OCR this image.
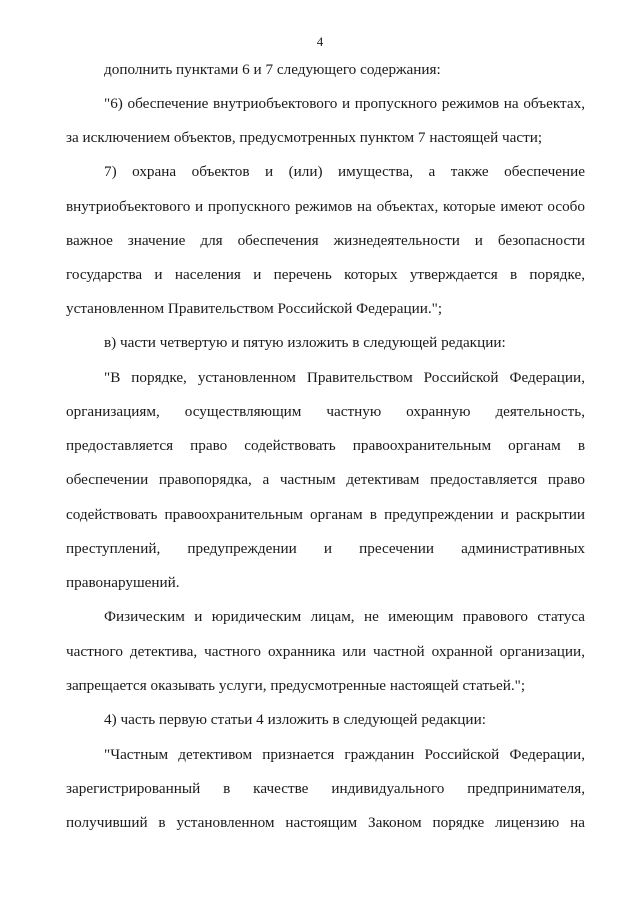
4
дополнить пунктами 6 и 7 следующего содержания:
"6) обеспечение внутриобъектового и пропускного режимов на объектах,
за исключением объектов, предусмотренных пунктом 7 настоящей части;
7) охрана объектов и (или) имущества, а также обеспечение
внутриобъектового и пропускного режимов на объектах, которые имеют особо
важное значение для обеспечения жизнедеятельности и безопасности
государства и населения и перечень которых утверждается в порядке,
установленном Правительством Российской Федерации.";
в) части четвертую и пятую изложить в следующей редакции:
"В порядке, установленном Правительством Российской Федерации,
организациям, осуществляющим частную охранную деятельность,
предоставляется право содействовать правоохранительным органам в
обеспечении правопорядка, а частным детективам предоставляется право
содействовать правоохранительным органам в предупреждении и раскрытии
преступлений, предупреждении и пресечении административных
правонарушений.
Физическим и юридическим лицам, не имеющим правового статуса
частного детектива, частного охранника или частной охранной организации,
запрещается оказывать услуги, предусмотренные настоящей статьей.";
4) часть первую статьи 4 изложить в следующей редакции:
"Частным детективом признается гражданин Российской Федерации,
зарегистрированный в качестве индивидуального предпринимателя,
получивший в установленном настоящим Законом порядке лицензию на
